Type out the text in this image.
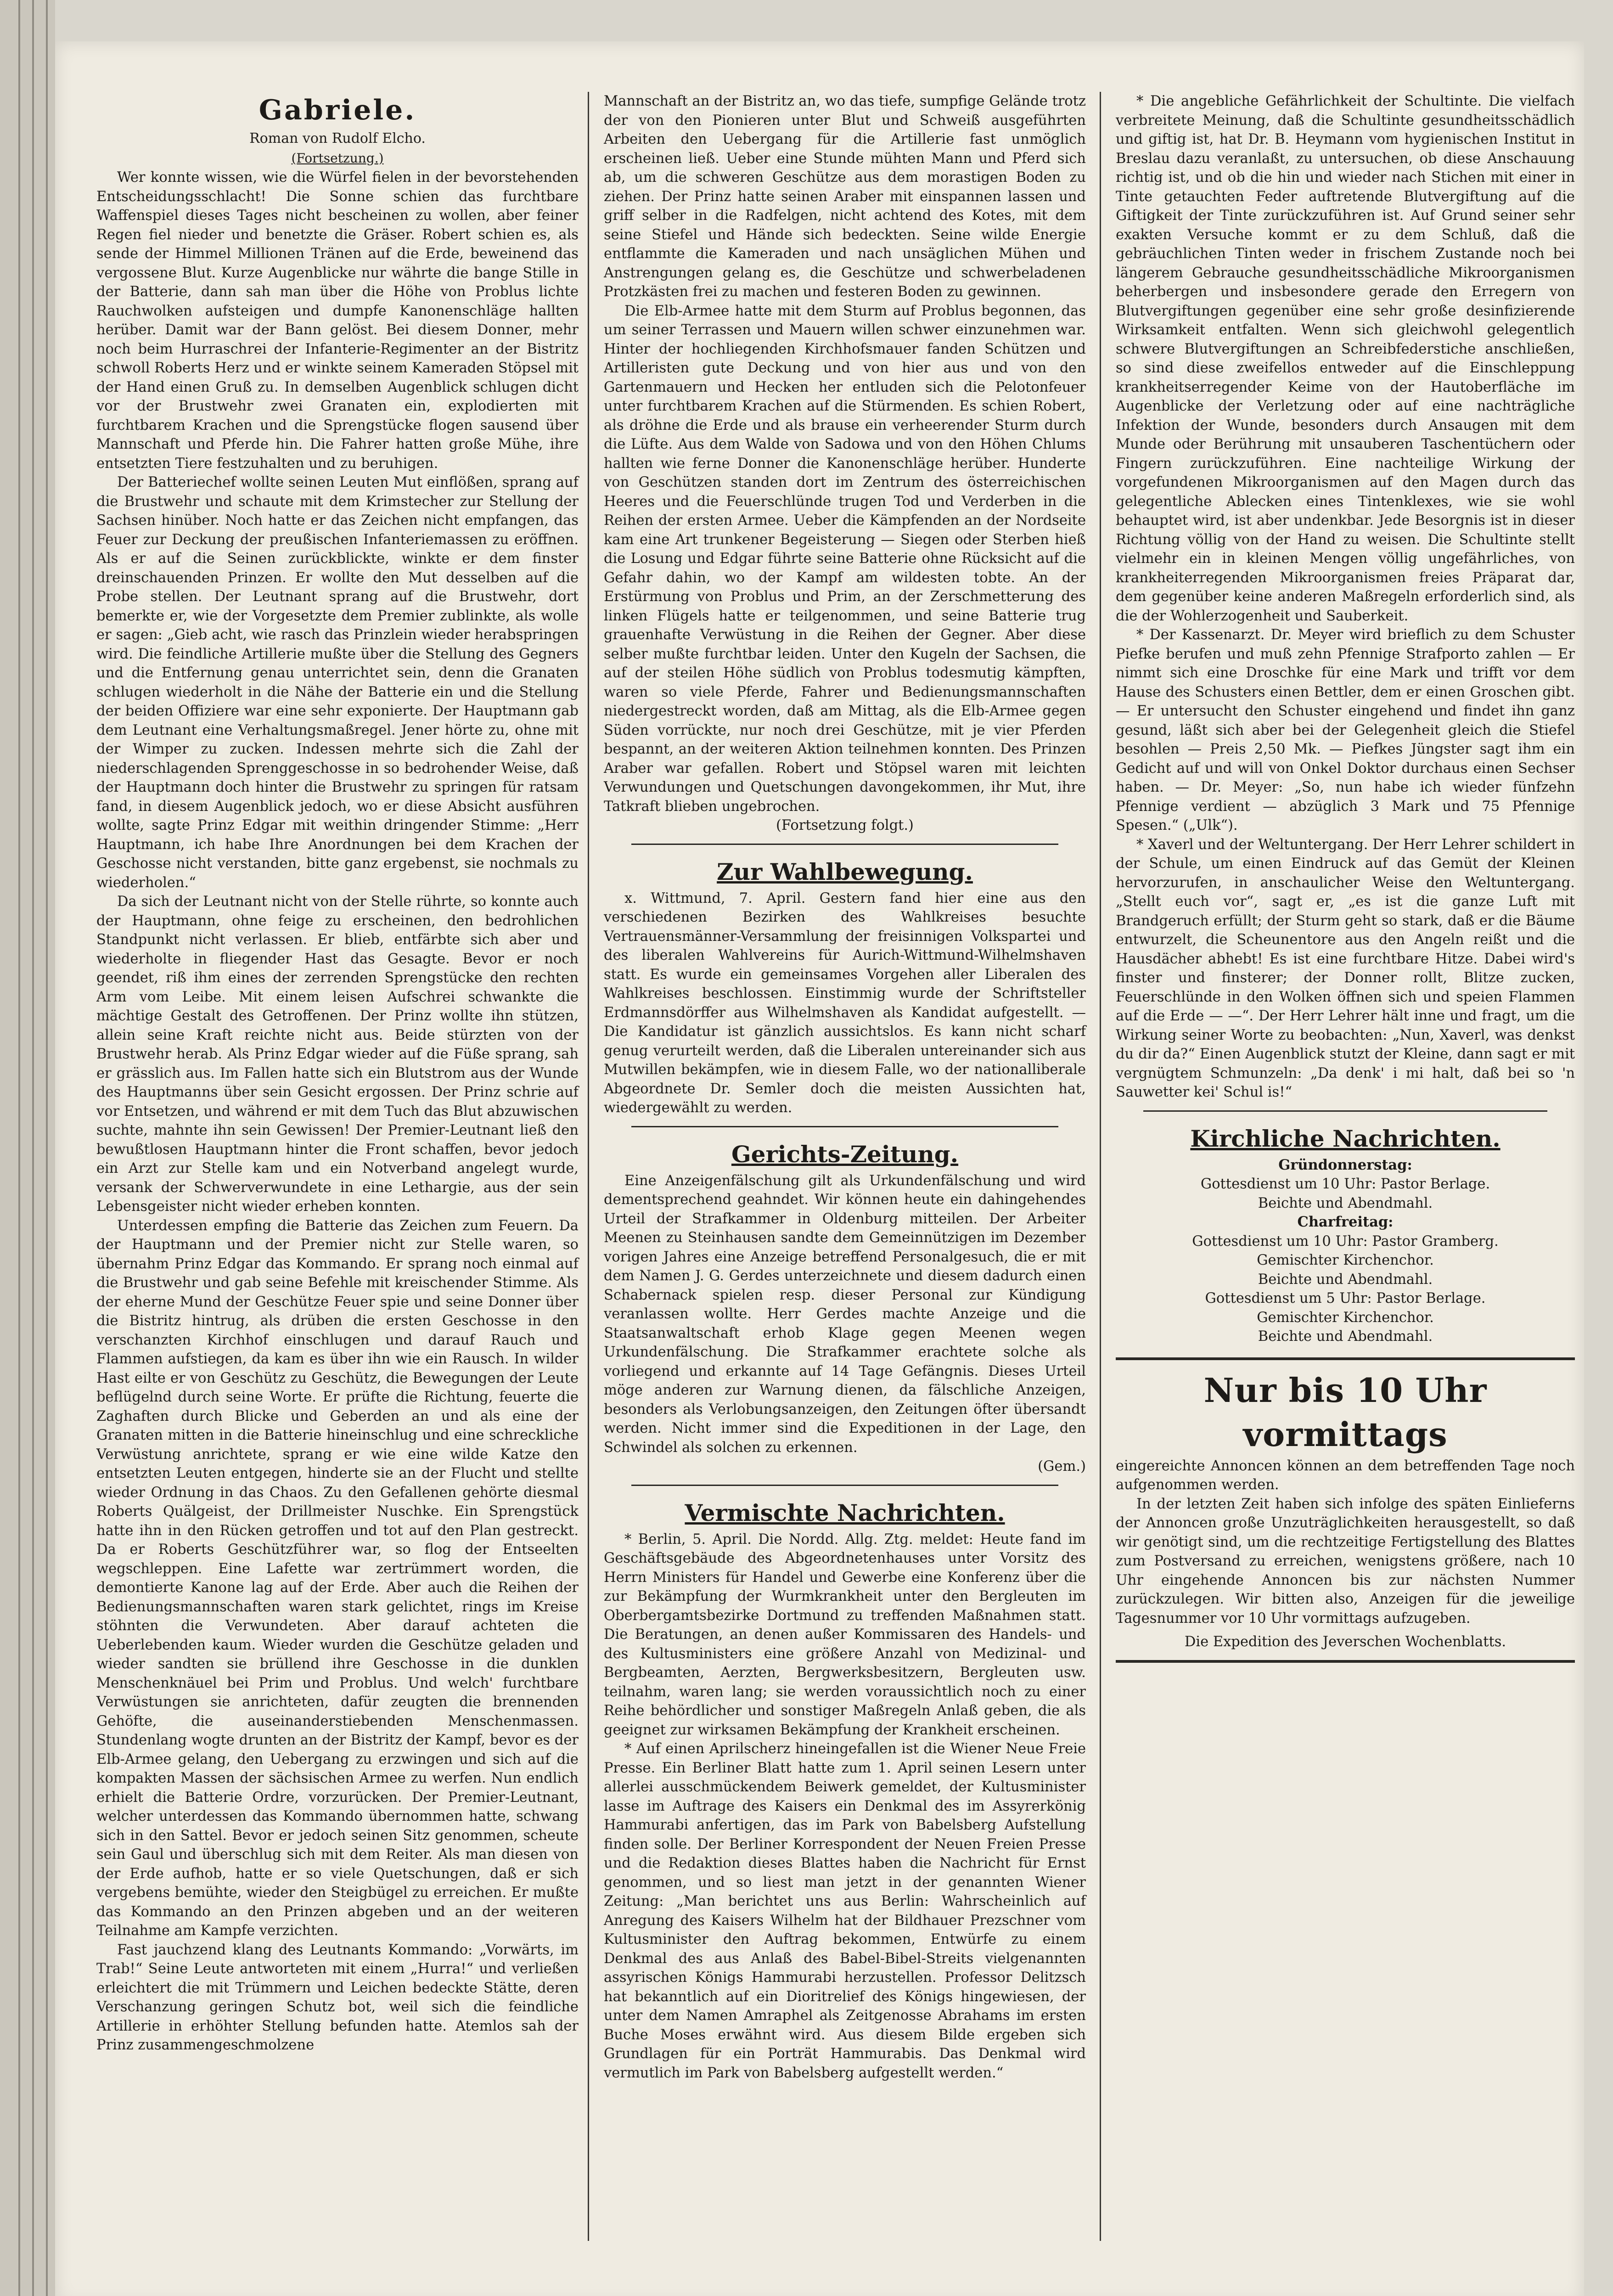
Gabriele.
Roman von Rudolf Elcho.
(Fortsetzung.)

Wer konnte wissen, wie die Würfel fielen in der bevorstehenden Entscheidungsschlacht! Die Sonne schien das furchtbare Waffenspiel dieses Tages nicht bescheinen zu wollen, aber feiner Regen fiel nieder und benetzte die Gräser. Robert schien es, als sende der Himmel Millionen Tränen auf die Erde, beweinend das vergossene Blut. Kurze Augenblicke nur währte die bange Stille in der Batterie, dann sah man über die Höhe von Problus lichte Rauchwolken aufsteigen und dumpfe Kanonenschläge hallten herüber. Damit war der Bann gelöst. Bei diesem Donner, mehr noch beim Hurraschrei der Infanterie-Regimenter an der Bistritz schwoll Roberts Herz und er winkte seinem Kameraden Stöpsel mit der Hand einen Gruß zu. In demselben Augenblick schlugen dicht vor der Brustwehr zwei Granaten ein, explodierten mit furchtbarem Krachen und die Sprengstücke flogen sausend über Mannschaft und Pferde hin. Die Fahrer hatten große Mühe, ihre entsetzten Tiere festzuhalten und zu beruhigen.

Der Batteriechef wollte seinen Leuten Mut einflößen, sprang auf die Brustwehr und schaute mit dem Krimstecher zur Stellung der Sachsen hinüber. Noch hatte er das Zeichen nicht empfangen, das Feuer zur Deckung der preußischen Infanteriemassen zu eröffnen. Als er auf die Seinen zurückblickte, winkte er dem finster dreinschauenden Prinzen. Er wollte den Mut desselben auf die Probe stellen. Der Leutnant sprang auf die Brustwehr, dort bemerkte er, wie der Vorgesetzte dem Premier zublinkte, als wolle er sagen: „Gieb acht, wie rasch das Prinzlein wieder herabspringen wird. Die feindliche Artillerie mußte über die Stellung des Gegners und die Entfernung genau unterrichtet sein, denn die Granaten schlugen wiederholt in die Nähe der Batterie ein und die Stellung der beiden Offiziere war eine sehr exponierte. Der Hauptmann gab dem Leutnant eine Verhaltungsmaßregel. Jener hörte zu, ohne mit der Wimper zu zucken. Indessen mehrte sich die Zahl der niederschlagenden Sprenggeschosse in so bedrohender Weise, daß der Hauptmann doch hinter die Brustwehr zu springen für ratsam fand, in diesem Augenblick jedoch, wo er diese Absicht ausführen wollte, sagte Prinz Edgar mit weithin dringender Stimme: „Herr Hauptmann, ich habe Ihre Anordnungen bei dem Krachen der Geschosse nicht verstanden, bitte ganz ergebenst, sie nochmals zu wiederholen.“

Da sich der Leutnant nicht von der Stelle rührte, so konnte auch der Hauptmann, ohne feige zu erscheinen, den bedrohlichen Standpunkt nicht verlassen. Er blieb, entfärbte sich aber und wiederholte in fliegender Hast das Gesagte. Bevor er noch geendet, riß ihm eines der zerrenden Sprengstücke den rechten Arm vom Leibe. Mit einem leisen Aufschrei schwankte die mächtige Gestalt des Getroffenen. Der Prinz wollte ihn stützen, allein seine Kraft reichte nicht aus. Beide stürzten von der Brustwehr herab. Als Prinz Edgar wieder auf die Füße sprang, sah er grässlich aus. Im Fallen hatte sich ein Blutstrom aus der Wunde des Hauptmanns über sein Gesicht ergossen. Der Prinz schrie auf vor Entsetzen, und während er mit dem Tuch das Blut abzuwischen suchte, mahnte ihn sein Gewissen! Der Premier-Leutnant ließ den bewußtlosen Hauptmann hinter die Front schaffen, bevor jedoch ein Arzt zur Stelle kam und ein Notverband angelegt wurde, versank der Schwerverwundete in eine Lethargie, aus der sein Lebensgeister nicht wieder erheben konnten.

Unterdessen empfing die Batterie das Zeichen zum Feuern. Da der Hauptmann und der Premier nicht zur Stelle waren, so übernahm Prinz Edgar das Kommando. Er sprang noch einmal auf die Brustwehr und gab seine Befehle mit kreischender Stimme. Als der eherne Mund der Geschütze Feuer spie und seine Donner über die Bistritz hintrug, als drüben die ersten Geschosse in den verschanzten Kirchhof einschlugen und darauf Rauch und Flammen aufstiegen, da kam es über ihn wie ein Rausch. In wilder Hast eilte er von Geschütz zu Geschütz, die Bewegungen der Leute beflügelnd durch seine Worte. Er prüfte die Richtung, feuerte die Zaghaften durch Blicke und Geberden an und als eine der Granaten mitten in die Batterie hineinschlug und eine schreckliche Verwüstung anrichtete, sprang er wie eine wilde Katze den entsetzten Leuten entgegen, hinderte sie an der Flucht und stellte wieder Ordnung in das Chaos. Zu den Gefallenen gehörte diesmal Roberts Quälgeist, der Drillmeister Nuschke. Ein Sprengstück hatte ihn in den Rücken getroffen und tot auf den Plan gestreckt. Da er Roberts Geschützführer war, so flog der Entseelten wegschleppen. Eine Lafette war zertrümmert worden, die demontierte Kanone lag auf der Erde. Aber auch die Reihen der Bedienungsmannschaften waren stark gelichtet, rings im Kreise stöhnten die Verwundeten. Aber darauf achteten die Ueberlebenden kaum. Wieder wurden die Geschütze geladen und wieder sandten sie brüllend ihre Geschosse in die dunklen Menschenknäuel bei Prim und Problus. Und welch' furchtbare Verwüstungen sie anrichteten, dafür zeugten die brennenden Gehöfte, die auseinanderstiebenden Menschenmassen. Stundenlang wogte drunten an der Bistritz der Kampf, bevor es der Elb-Armee gelang, den Uebergang zu erzwingen und sich auf die kompakten Massen der sächsischen Armee zu werfen. Nun endlich erhielt die Batterie Ordre, vorzurücken. Der Premier-Leutnant, welcher unterdessen das Kommando übernommen hatte, schwang sich in den Sattel. Bevor er jedoch seinen Sitz genommen, scheute sein Gaul und überschlug sich mit dem Reiter. Als man diesen von der Erde aufhob, hatte er so viele Quetschungen, daß er sich vergebens bemühte, wieder den Steigbügel zu erreichen. Er mußte das Kommando an den Prinzen abgeben und an der weiteren Teilnahme am Kampfe verzichten.

Fast jauchzend klang des Leutnants Kommando: „Vorwärts, im Trab!“ Seine Leute antworteten mit einem „Hurra!“ und verließen erleichtert die mit Trümmern und Leichen bedeckte Stätte, deren Verschanzung geringen Schutz bot, weil sich die feindliche Artillerie in erhöhter Stellung befunden hatte. Atemlos sah der Prinz zusammengeschmolzene

Mannschaft an der Bistritz an, wo das tiefe, sumpfige Gelände trotz der von den Pionieren unter Blut und Schweiß ausgeführten Arbeiten den Uebergang für die Artillerie fast unmöglich erscheinen ließ. Ueber eine Stunde mühten Mann und Pferd sich ab, um die schweren Geschütze aus dem morastigen Boden zu ziehen. Der Prinz hatte seinen Araber mit einspannen lassen und griff selber in die Radfelgen, nicht achtend des Kotes, mit dem seine Stiefel und Hände sich bedeckten. Seine wilde Energie entflammte die Kameraden und nach unsäglichen Mühen und Anstrengungen gelang es, die Geschütze und schwerbeladenen Protzkästen frei zu machen und festeren Boden zu gewinnen.

Die Elb-Armee hatte mit dem Sturm auf Problus begonnen, das um seiner Terrassen und Mauern willen schwer einzunehmen war. Hinter der hochliegenden Kirchhofsmauer fanden Schützen und Artilleristen gute Deckung und von hier aus und von den Gartenmauern und Hecken her entluden sich die Pelotonfeuer unter furchtbarem Krachen auf die Stürmenden. Es schien Robert, als dröhne die Erde und als brause ein verheerender Sturm durch die Lüfte. Aus dem Walde von Sadowa und von den Höhen Chlums hallten wie ferne Donner die Kanonenschläge herüber. Hunderte von Geschützen standen dort im Zentrum des österreichischen Heeres und die Feuerschlünde trugen Tod und Verderben in die Reihen der ersten Armee. Ueber die Kämpfenden an der Nordseite kam eine Art trunkener Begeisterung — Siegen oder Sterben hieß die Losung und Edgar führte seine Batterie ohne Rücksicht auf die Gefahr dahin, wo der Kampf am wildesten tobte. An der Erstürmung von Problus und Prim, an der Zerschmetterung des linken Flügels hatte er teilgenommen, und seine Batterie trug grauenhafte Verwüstung in die Reihen der Gegner. Aber diese selber mußte furchtbar leiden. Unter den Kugeln der Sachsen, die auf der steilen Höhe südlich von Problus todesmutig kämpften, waren so viele Pferde, Fahrer und Bedienungsmannschaften niedergestreckt worden, daß am Mittag, als die Elb-Armee gegen Süden vorrückte, nur noch drei Geschütze, mit je vier Pferden bespannt, an der weiteren Aktion teilnehmen konnten. Des Prinzen Araber war gefallen. Robert und Stöpsel waren mit leichten Verwundungen und Quetschungen davongekommen, ihr Mut, ihre Tatkraft blieben ungebrochen.

(Fortsetzung folgt.)
Zur Wahlbewegung.

x. Wittmund, 7. April. Gestern fand hier eine aus den verschiedenen Bezirken des Wahlkreises besuchte Vertrauensmänner-Versammlung der freisinnigen Volkspartei und des liberalen Wahlvereins für Aurich-Wittmund-Wilhelmshaven statt. Es wurde ein gemeinsames Vorgehen aller Liberalen des Wahlkreises beschlossen. Einstimmig wurde der Schriftsteller Erdmannsdörffer aus Wilhelmshaven als Kandidat aufgestellt. — Die Kandidatur ist gänzlich aussichtslos. Es kann nicht scharf genug verurteilt werden, daß die Liberalen untereinander sich aus Mutwillen bekämpfen, wie in diesem Falle, wo der nationalliberale Abgeordnete Dr. Semler doch die meisten Aussichten hat, wiedergewählt zu werden.

Gerichts-Zeitung.

Eine Anzeigenfälschung gilt als Urkundenfälschung und wird dementsprechend geahndet. Wir können heute ein dahingehendes Urteil der Strafkammer in Oldenburg mitteilen. Der Arbeiter Meenen zu Steinhausen sandte dem Gemeinnützigen im Dezember vorigen Jahres eine Anzeige betreffend Personalgesuch, die er mit dem Namen J. G. Gerdes unterzeichnete und diesem dadurch einen Schabernack spielen resp. dieser Personal zur Kündigung veranlassen wollte. Herr Gerdes machte Anzeige und die Staatsanwaltschaft erhob Klage gegen Meenen wegen Urkundenfälschung. Die Strafkammer erachtete solche als vorliegend und erkannte auf 14 Tage Gefängnis. Dieses Urteil möge anderen zur Warnung dienen, da fälschliche Anzeigen, besonders als Verlobungsanzeigen, den Zeitungen öfter übersandt werden. Nicht immer sind die Expeditionen in der Lage, den Schwindel als solchen zu erkennen.

(Gem.)
Vermischte Nachrichten.

* Berlin, 5. April. Die Nordd. Allg. Ztg. meldet: Heute fand im Geschäftsgebäude des Abgeordnetenhauses unter Vorsitz des Herrn Ministers für Handel und Gewerbe eine Konferenz über die zur Bekämpfung der Wurmkrankheit unter den Bergleuten im Oberbergamtsbezirke Dortmund zu treffenden Maßnahmen statt. Die Beratungen, an denen außer Kommissaren des Handels- und des Kultusministers eine größere Anzahl von Medizinal- und Bergbeamten, Aerzten, Bergwerksbesitzern, Bergleuten usw. teilnahm, waren lang; sie werden voraussichtlich noch zu einer Reihe behördlicher und sonstiger Maßregeln Anlaß geben, die als geeignet zur wirksamen Bekämpfung der Krankheit erscheinen.

* Auf einen Aprilscherz hineingefallen ist die Wiener Neue Freie Presse. Ein Berliner Blatt hatte zum 1. April seinen Lesern unter allerlei ausschmückendem Beiwerk gemeldet, der Kultusminister lasse im Auftrage des Kaisers ein Denkmal des im Assyrerkönig Hammurabi anfertigen, das im Park von Babelsberg Aufstellung finden solle. Der Berliner Korrespondent der Neuen Freien Presse und die Redaktion dieses Blattes haben die Nachricht für Ernst genommen, und so liest man jetzt in der genannten Wiener Zeitung: „Man berichtet uns aus Berlin: Wahrscheinlich auf Anregung des Kaisers Wilhelm hat der Bildhauer Prezschner vom Kultusminister den Auftrag bekommen, Entwürfe zu einem Denkmal des aus Anlaß des Babel-Bibel-Streits vielgenannten assyrischen Königs Hammurabi herzustellen. Professor Delitzsch hat bekanntlich auf ein Dioritrelief des Königs hingewiesen, der unter dem Namen Amraphel als Zeitgenosse Abrahams im ersten Buche Moses erwähnt wird. Aus diesem Bilde ergeben sich Grundlagen für ein Porträt Hammurabis. Das Denkmal wird vermutlich im Park von Babelsberg aufgestellt werden.“

* Die angebliche Gefährlichkeit der Schultinte. Die vielfach verbreitete Meinung, daß die Schultinte gesundheitsschädlich und giftig ist, hat Dr. B. Heymann vom hygienischen Institut in Breslau dazu veranlaßt, zu untersuchen, ob diese Anschauung richtig ist, und ob die hin und wieder nach Stichen mit einer in Tinte getauchten Feder auftretende Blutvergiftung auf die Giftigkeit der Tinte zurückzuführen ist. Auf Grund seiner sehr exakten Versuche kommt er zu dem Schluß, daß die gebräuchlichen Tinten weder in frischem Zustande noch bei längerem Gebrauche gesundheitsschädliche Mikroorganismen beherbergen und insbesondere gerade den Erregern von Blutvergiftungen gegenüber eine sehr große desinfizierende Wirksamkeit entfalten. Wenn sich gleichwohl gelegentlich schwere Blutvergiftungen an Schreibfederstiche anschließen, so sind diese zweifellos entweder auf die Einschleppung krankheitserregender Keime von der Hautoberfläche im Augenblicke der Verletzung oder auf eine nachträgliche Infektion der Wunde, besonders durch Ansaugen mit dem Munde oder Berührung mit unsauberen Taschentüchern oder Fingern zurückzuführen. Eine nachteilige Wirkung der vorgefundenen Mikroorganismen auf den Magen durch das gelegentliche Ablecken eines Tintenklexes, wie sie wohl behauptet wird, ist aber undenkbar. Jede Besorgnis ist in dieser Richtung völlig von der Hand zu weisen. Die Schultinte stellt vielmehr ein in kleinen Mengen völlig ungefährliches, von krankheiterregenden Mikroorganismen freies Präparat dar, dem gegenüber keine anderen Maßregeln erforderlich sind, als die der Wohlerzogenheit und Sauberkeit.

* Der Kassenarzt. Dr. Meyer wird brieflich zu dem Schuster Piefke berufen und muß zehn Pfennige Strafporto zahlen — Er nimmt sich eine Droschke für eine Mark und trifft vor dem Hause des Schusters einen Bettler, dem er einen Groschen gibt. — Er untersucht den Schuster eingehend und findet ihn ganz gesund, läßt sich aber bei der Gelegenheit gleich die Stiefel besohlen — Preis 2,50 Mk. — Piefkes Jüngster sagt ihm ein Gedicht auf und will von Onkel Doktor durchaus einen Sechser haben. — Dr. Meyer: „So, nun habe ich wieder fünfzehn Pfennige verdient — abzüglich 3 Mark und 75 Pfennige Spesen.“ („Ulk“).

* Xaverl und der Weltuntergang. Der Herr Lehrer schildert in der Schule, um einen Eindruck auf das Gemüt der Kleinen hervorzurufen, in anschaulicher Weise den Weltuntergang. „Stellt euch vor“, sagt er, „es ist die ganze Luft mit Brandgeruch erfüllt; der Sturm geht so stark, daß er die Bäume entwurzelt, die Scheunentore aus den Angeln reißt und die Hausdächer abhebt! Es ist eine furchtbare Hitze. Dabei wird's finster und finsterer; der Donner rollt, Blitze zucken, Feuerschlünde in den Wolken öffnen sich und speien Flammen auf die Erde — —“. Der Herr Lehrer hält inne und fragt, um die Wirkung seiner Worte zu beobachten: „Nun, Xaverl, was denkst du dir da?“ Einen Augenblick stutzt der Kleine, dann sagt er mit vergnügtem Schmunzeln: „Da denk' i mi halt, daß bei so 'n Sauwetter kei' Schul is!“

Kirchliche Nachrichten.
Gründonnerstag:
Gottesdienst um 10 Uhr: Pastor Berlage.
Beichte und Abendmahl.
Charfreitag:
Gottesdienst um 10 Uhr: Pastor Gramberg.
Gemischter Kirchenchor.
Beichte und Abendmahl.
Gottesdienst um 5 Uhr: Pastor Berlage.
Gemischter Kirchenchor.
Beichte und Abendmahl.
Nur bis 10 Uhr vormittags

eingereichte Annoncen können an dem betreffenden Tage noch aufgenommen werden.

In der letzten Zeit haben sich infolge des späten Einlieferns der Annoncen große Unzuträglichkeiten herausgestellt, so daß wir genötigt sind, um die rechtzeitige Fertigstellung des Blattes zum Postversand zu erreichen, wenigstens größere, nach 10 Uhr eingehende Annoncen bis zur nächsten Nummer zurückzulegen. Wir bitten also, Anzeigen für die jeweilige Tagesnummer vor 10 Uhr vormittags aufzugeben.

Die Expedition des Jeverschen Wochenblatts.
